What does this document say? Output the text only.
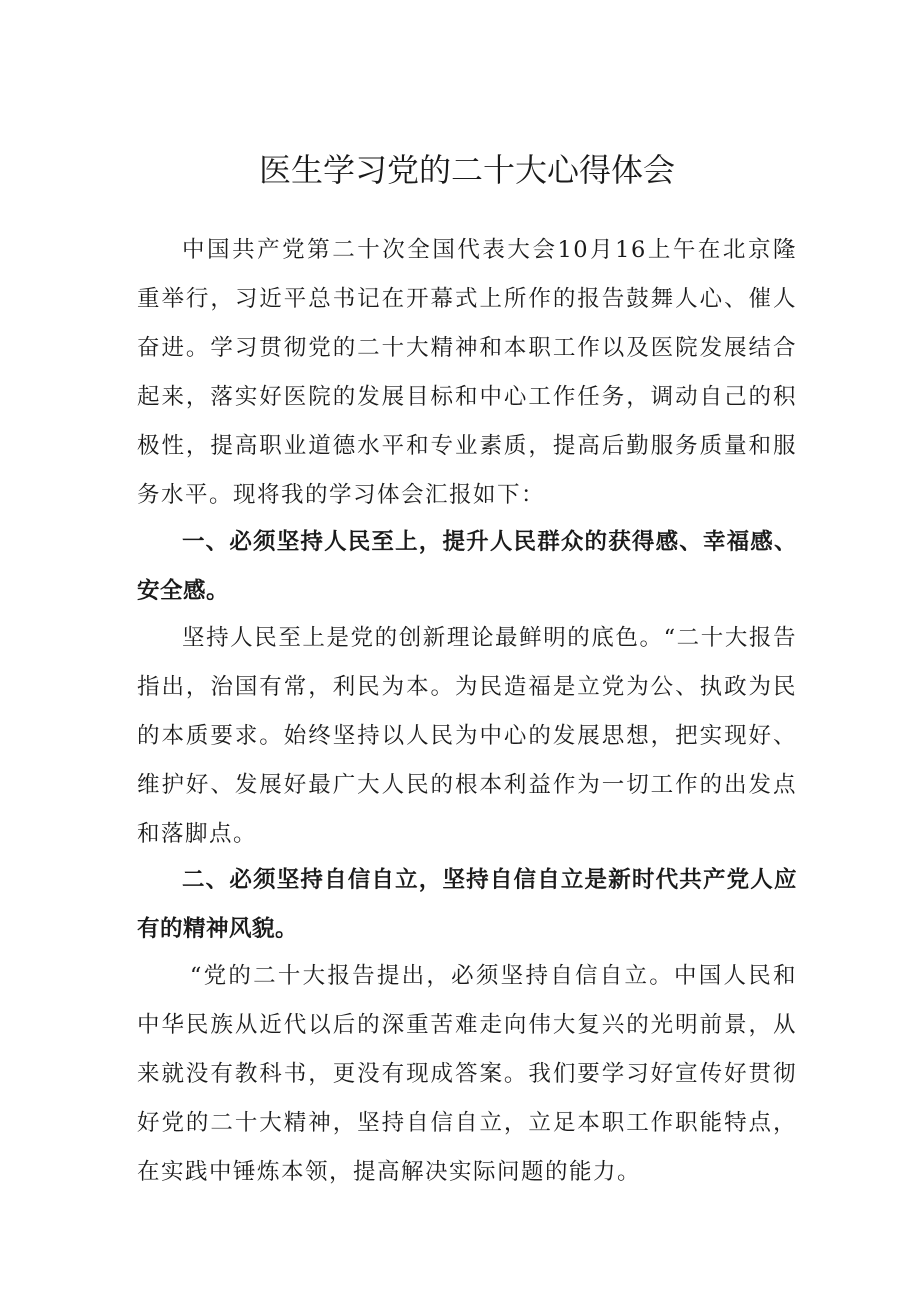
医生学习党的二十大心得体会

中国共产党第二十次全国代表大会10月16上午在北京隆重举行，习近平总书记在开幕式上所作的报告鼓舞人心、催人奋进。学习贯彻党的二十大精神和本职工作以及医院发展结合起来，落实好医院的发展目标和中心工作任务，调动自己的积极性，提高职业道德水平和专业素质，提高后勤服务质量和服务水平。现将我的学习体会汇报如下：

一、必须坚持人民至上，提升人民群众的获得感、幸福感、安全感。

坚持人民至上是党的创新理论最鲜明的底色。“二十大报告指出，治国有常，利民为本。为民造福是立党为公、执政为民的本质要求。始终坚持以人民为中心的发展思想，把实现好、维护好、发展好最广大人民的根本利益作为一切工作的出发点和落脚点。

二、必须坚持自信自立，坚持自信自立是新时代共产党人应有的精神风貌。

“党的二十大报告提出，必须坚持自信自立。中国人民和中华民族从近代以后的深重苦难走向伟大复兴的光明前景，从来就没有教科书，更没有现成答案。我们要学习好宣传好贯彻好党的二十大精神，坚持自信自立，立足本职工作职能特点，在实践中锤炼本领，提高解决实际问题的能力。
